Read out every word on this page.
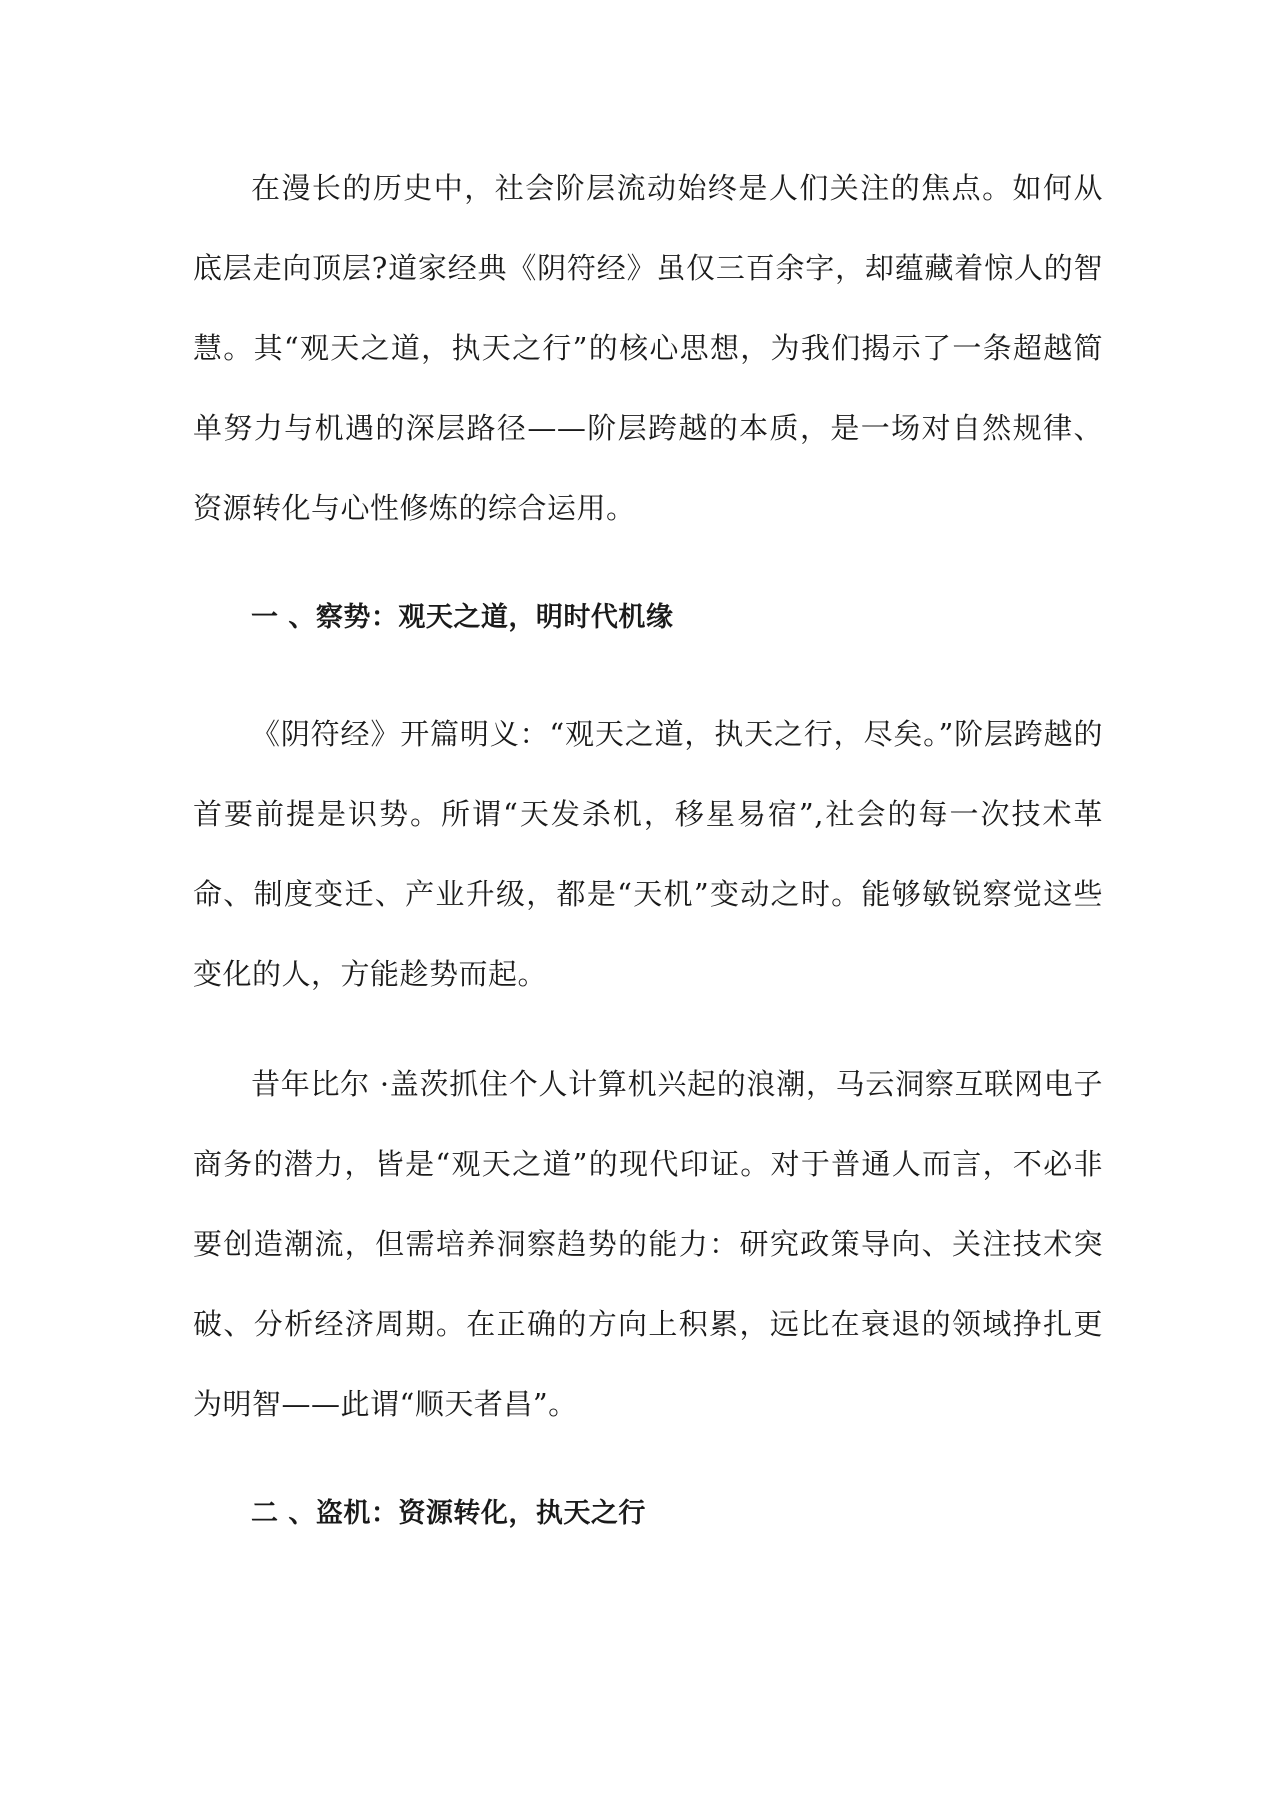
在漫长的历史中，社会阶层流动始终是人们关注的焦点。如何从底层走向顶层?道家经典《阴符经》虽仅三百余字，却蕴藏着惊人的智慧。其“观天之道，执天之行”的核心思想，为我们揭示了一条超越简单努力与机遇的深层路径——阶层跨越的本质，是一场对自然规律、资源转化与心性修炼的综合运用。

一 、察势：观天之道，明时代机缘

《阴符经》开篇明义：“观天之道，执天之行，尽矣。”阶层跨越的首要前提是识势。所谓“天发杀机，移星易宿”,社会的每一次技术革命、制度变迁、产业升级，都是“天机”变动之时。能够敏锐察觉这些变化的人，方能趁势而起。

昔年比尔 ·盖茨抓住个人计算机兴起的浪潮，马云洞察互联网电子商务的潜力，皆是“观天之道”的现代印证。对于普通人而言，不必非要创造潮流，但需培养洞察趋势的能力：研究政策导向、关注技术突破、分析经济周期。在正确的方向上积累，远比在衰退的领域挣扎更为明智——此谓“顺天者昌”。

二 、盗机：资源转化，执天之行
